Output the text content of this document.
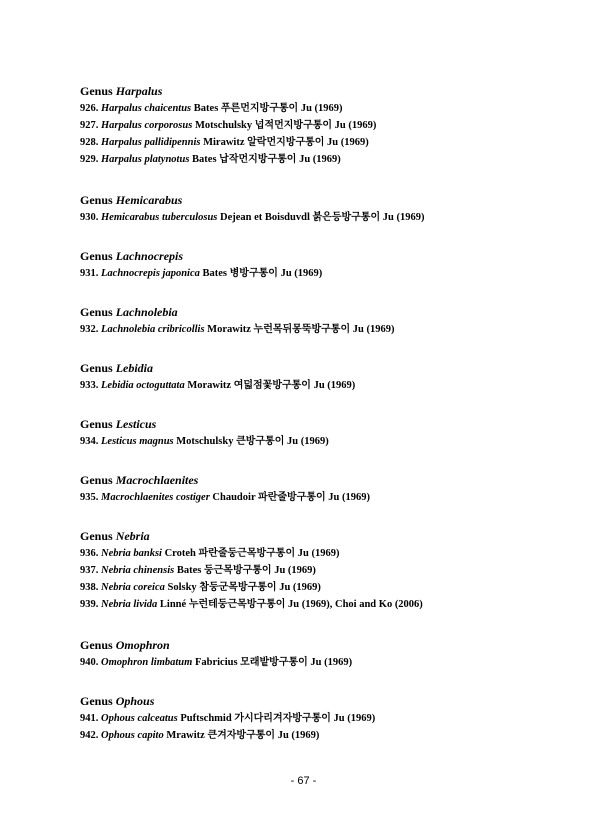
Genus Harpalus
926. Harpalus chaicentus Bates 푸른먼지방구통이 Ju (1969)
927. Harpalus corporosus Motschulsky 넙적먼지방구통이 Ju (1969)
928. Harpalus pallidipennis Mirawitz 알락먼지방구통이 Ju (1969)
929. Harpalus platynotus Bates 납작먼지방구통이 Ju (1969)
Genus Hemicarabus
930. Hemicarabus tuberculosus Dejean et Boisduvdl 붉은등방구통이 Ju (1969)
Genus Lachnocrepis
931. Lachnocrepis japonica Bates 병방구통이 Ju (1969)
Genus Lachnolebia
932. Lachnolebia cribricollis Morawitz 누런목뒤몽뚝방구통이 Ju (1969)
Genus Lebidia
933. Lebidia octoguttata Morawitz 여덟점꽃방구통이 Ju (1969)
Genus Lesticus
934. Lesticus magnus Motschulsky 큰방구통이 Ju (1969)
Genus Macrochlaenites
935. Macrochlaenites costiger Chaudoir 파란줄방구통이 Ju (1969)
Genus Nebria
936. Nebria banksi Croteh 파란줄둥근목방구통이 Ju (1969)
937. Nebria chinensis Bates 둥근목방구통이 Ju (1969)
938. Nebria coreica Solsky 참둥군목방구통이 Ju (1969)
939. Nebria livida Linné 누런테둥근목방구통이 Ju (1969), Choi and Ko (2006)
Genus Omophron
940. Omophron limbatum Fabricius 모래밭방구통이 Ju (1969)
Genus Ophous
941. Ophous calceatus Puftschmid 가시다리겨자방구통이 Ju (1969)
942. Ophous capito Mrawitz 큰겨자방구통이 Ju (1969)
- 67 -
